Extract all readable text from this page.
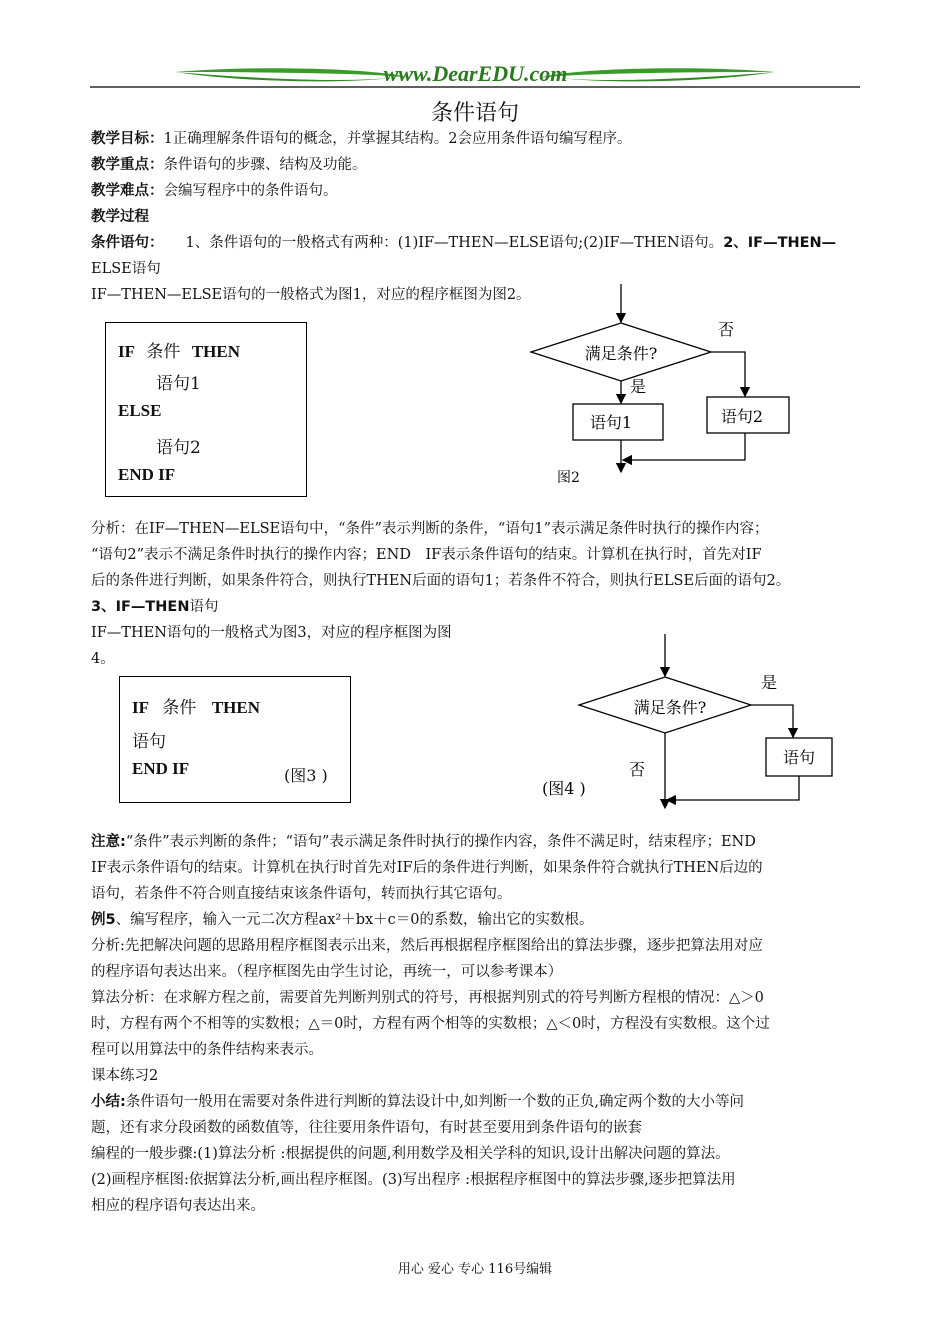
www.DearEDU.com
条件语句
教学目标：1正确理解条件语句的概念，并掌握其结构。2会应用条件语句编写程序。
教学重点：条件语句的步骤、结构及功能。
教学难点：会编写程序中的条件语句。
教学过程
条件语句： 1、条件语句的一般格式有两种：(1)IF—THEN—ELSE语句;(2)IF—THEN语句。2、IF—THEN—
ELSE语句
IF—THEN—ELSE语句的一般格式为图1，对应的程序框图为图2。
IF 条件 THEN
语句1
ELSE
语句2
END IF
满足条件?
否
是
语句1	语句2
图2
分析：在IF—THEN—ELSE语句中，“条件”表示判断的条件，“语句1”表示满足条件时执行的操作内容；
“语句2”表示不满足条件时执行的操作内容；END　IF表示条件语句的结束。计算机在执行时，首先对IF
后的条件进行判断，如果条件符合，则执行THEN后面的语句1；若条件不符合，则执行ELSE后面的语句2。
3、IF—THEN语句
IF—THEN语句的一般格式为图3，对应的程序框图为图
4。
IF 条件 THEN
语句
END IF	(图3 )
满足条件?
是
语句
否
(图4 )
注意:“条件”表示判断的条件；“语句”表示满足条件时执行的操作内容，条件不满足时，结束程序；END
IF表示条件语句的结束。计算机在执行时首先对IF后的条件进行判断，如果条件符合就执行THEN后边的
语句，若条件不符合则直接结束该条件语句，转而执行其它语句。
例5、编写程序，输入一元二次方程ax²＋bx＋c＝0的系数，输出它的实数根。
分析:先把解决问题的思路用程序框图表示出来，然后再根据程序框图给出的算法步骤，逐步把算法用对应
的程序语句表达出来。（程序框图先由学生讨论，再统一，可以参考课本）
算法分析：在求解方程之前，需要首先判断判别式的符号，再根据判别式的符号判断方程根的情况：△＞0
时，方程有两个不相等的实数根；△＝0时，方程有两个相等的实数根；△＜0时，方程没有实数根。这个过
程可以用算法中的条件结构来表示。
课本练习2
小结:条件语句一般用在需要对条件进行判断的算法设计中,如判断一个数的正负,确定两个数的大小等问
题，还有求分段函数的函数值等，往往要用条件语句，有时甚至要用到条件语句的嵌套
编程的一般步骤:(1)算法分析 :根据提供的问题,利用数学及相关学科的知识,设计出解决问题的算法。
(2)画程序框图:依据算法分析,画出程序框图。(3)写出程序 :根据程序框图中的算法步骤,逐步把算法用
相应的程序语句表达出来。
用心 爱心 专心 116号编辑
